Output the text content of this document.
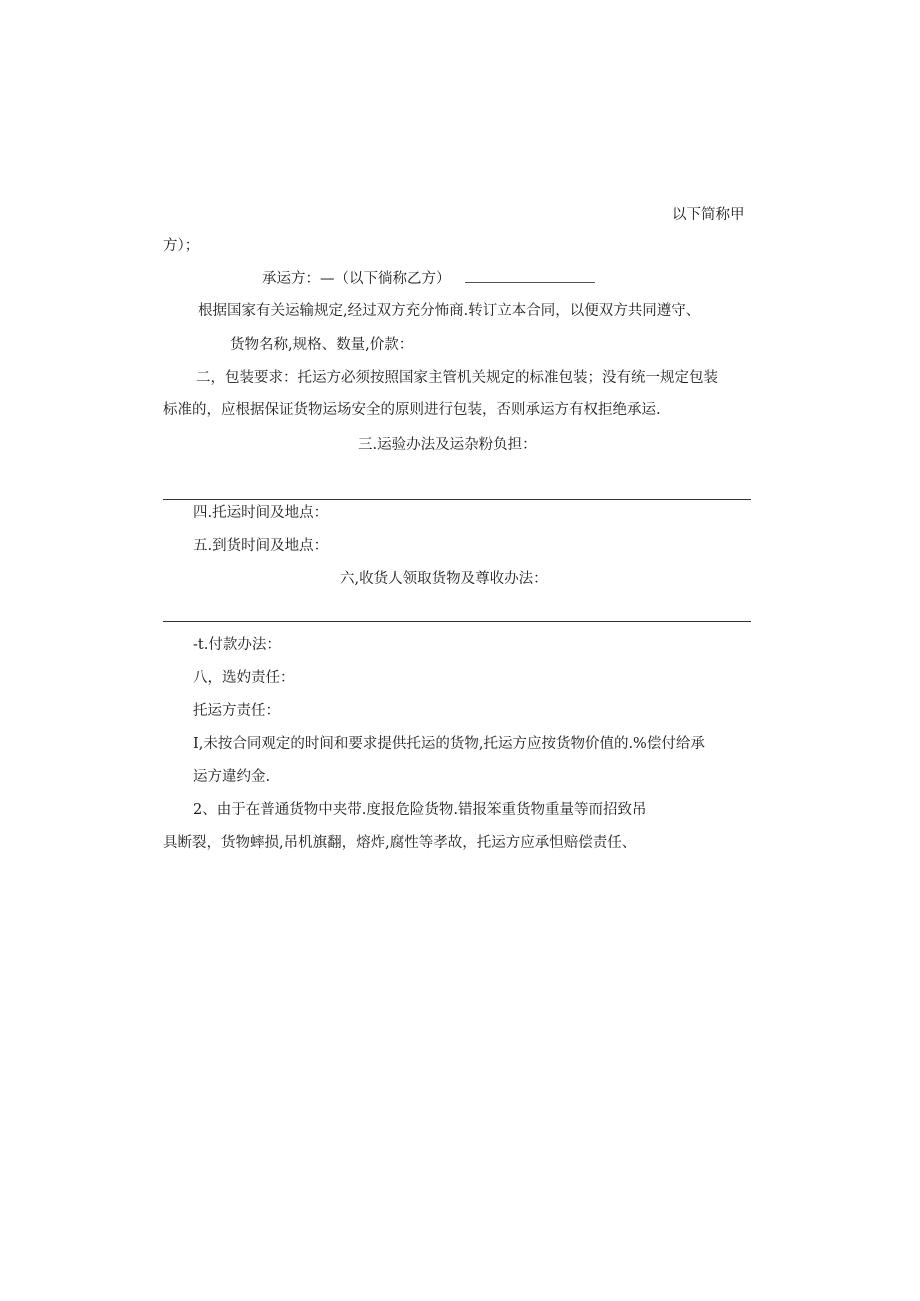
以下简称甲
方）；
承运方：—（以下徜称乙方）
根据国家有关运输规定,经过双方充分怖商.转订立本合同，以便双方共同遵守、
货物名称,规格、数量,价款：
二，包装要求：托运方必须按照国家主管机关规定的标准包装；没有统一规定包装
标准的，应根据保证货物运场安全的原则进行包装，否则承运方有权拒绝承运.
三.运验办法及运杂粉负担：
四.托运时间及地点：
五.到货时间及地点：
六,收货人领取货物及尊收办法：
-t.付款办法：
八，选妁责任：
托运方责任：
I,未按合同观定的时间和要求提供托运的货物,托运方应按货物价值的.%偿付给承
运方違约金.
2、由于在普通货物中夹带.度报危险货物.错报笨重货物重量等而招致吊
具断裂，货物蟀损,吊机旗翻，熔炸,腐性等孝故，托运方应承怛赔偿责任、
